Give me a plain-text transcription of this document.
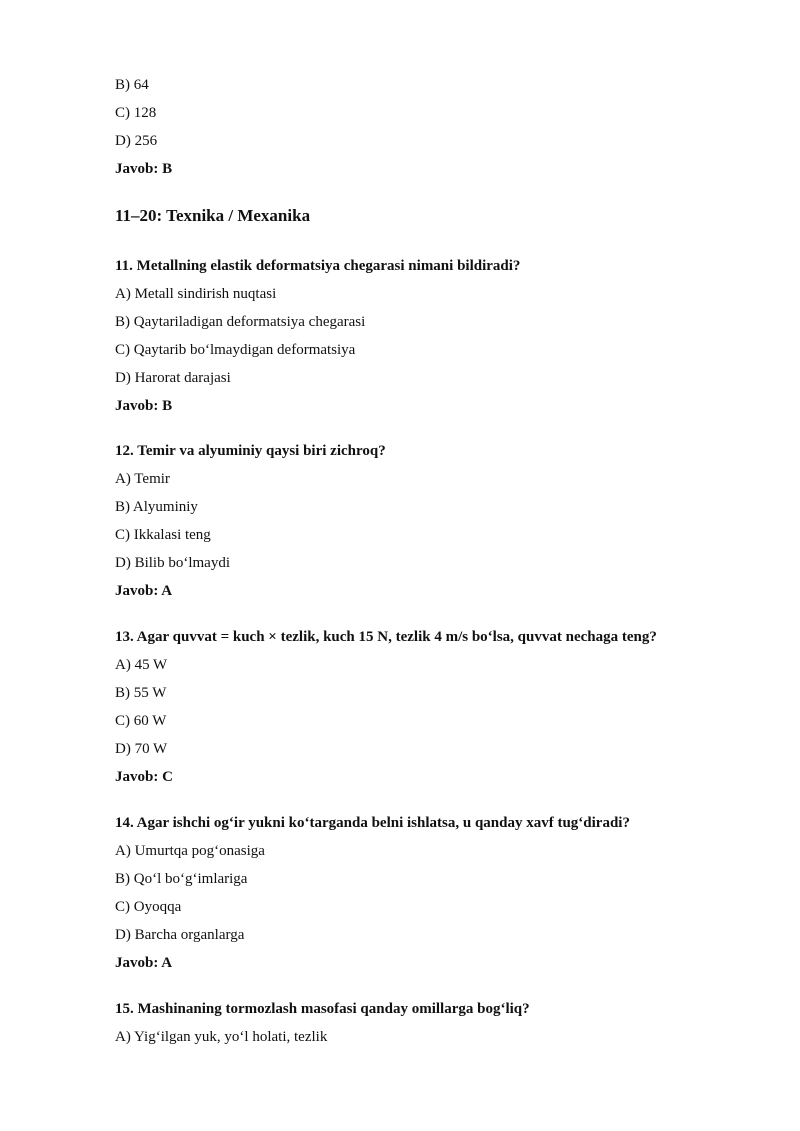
B) 64
C) 128
D) 256
Javob: B
11–20: Texnika / Mexanika
11. Metallning elastik deformatsiya chegarasi nimani bildiradi?
A) Metall sindirish nuqtasi
B) Qaytariladigan deformatsiya chegarasi
C) Qaytarib bo‘lmaydigan deformatsiya
D) Harorat darajasi
Javob: B
12. Temir va alyuminiy qaysi biri zichroq?
A) Temir
B) Alyuminiy
C) Ikkalasi teng
D) Bilib bo‘lmaydi
Javob: A
13. Agar quvvat = kuch × tezlik, kuch 15 N, tezlik 4 m/s bo‘lsa, quvvat nechaga teng?
A) 45 W
B) 55 W
C) 60 W
D) 70 W
Javob: C
14. Agar ishchi og‘ir yukni ko‘targanda belni ishlatsa, u qanday xavf tug‘diradi?
A) Umurtqa pog‘onasiga
B) Qo‘l bo‘g‘imlariga
C) Oyoqqa
D) Barcha organlarga
Javob: A
15. Mashinaning tormozlash masofasi qanday omillarga bog‘liq?
A) Yig‘ilgan yuk, yo‘l holati, tezlik
